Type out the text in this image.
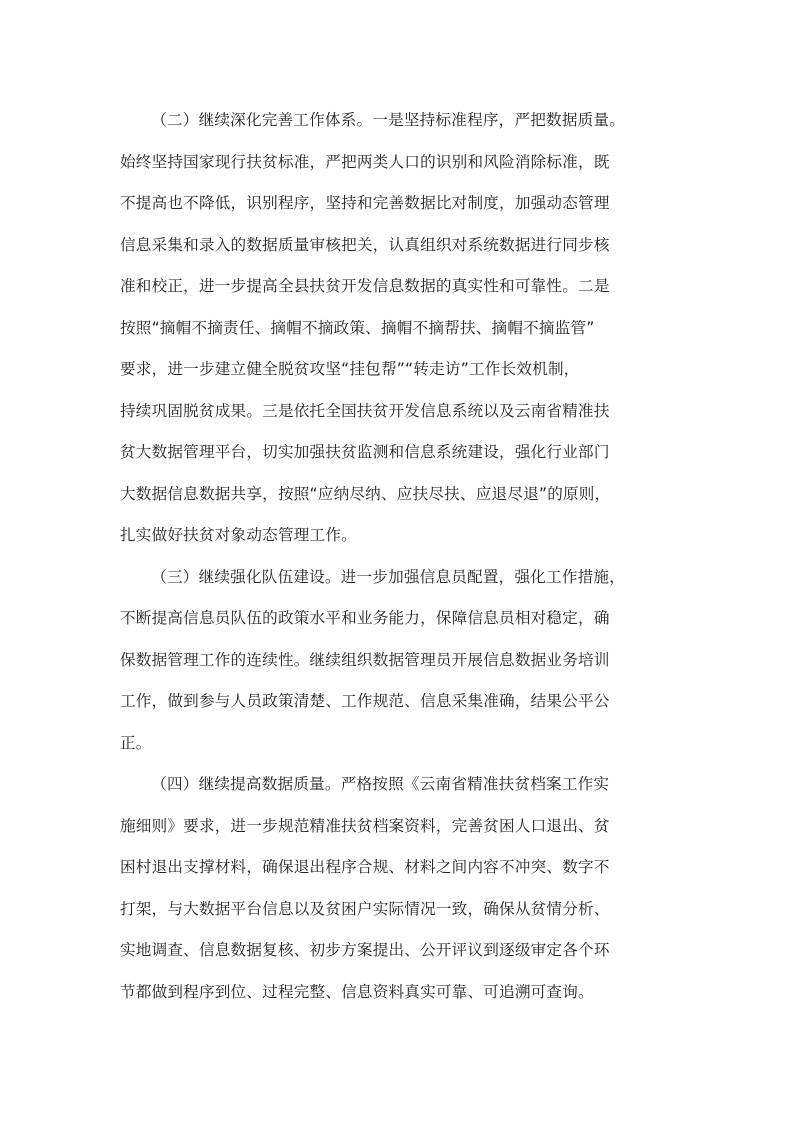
（二）继续深化完善工作体系。一是坚持标准程序，严把数据质量。
始终坚持国家现行扶贫标准，严把两类人口的识别和风险消除标准，既
不提高也不降低，识别程序，坚持和完善数据比对制度，加强动态管理
信息采集和录入的数据质量审核把关，认真组织对系统数据进行同步核
准和校正，进一步提高全县扶贫开发信息数据的真实性和可靠性。二是
按照“摘帽不摘责任、摘帽不摘政策、摘帽不摘帮扶、摘帽不摘监管”
要求，进一步建立健全脱贫攻坚“挂包帮”“转走访”工作长效机制，
持续巩固脱贫成果。三是依托全国扶贫开发信息系统以及云南省精准扶
贫大数据管理平台，切实加强扶贫监测和信息系统建设，强化行业部门
大数据信息数据共享，按照“应纳尽纳、应扶尽扶、应退尽退”的原则，
扎实做好扶贫对象动态管理工作。
（三）继续强化队伍建设。进一步加强信息员配置，强化工作措施，
不断提高信息员队伍的政策水平和业务能力，保障信息员相对稳定，确
保数据管理工作的连续性。继续组织数据管理员开展信息数据业务培训
工作，做到参与人员政策清楚、工作规范、信息采集准确，结果公平公
正。
（四）继续提高数据质量。严格按照《云南省精准扶贫档案工作实
施细则》要求，进一步规范精准扶贫档案资料，完善贫困人口退出、贫
困村退出支撑材料，确保退出程序合规、材料之间内容不冲突、数字不
打架，与大数据平台信息以及贫困户实际情况一致，确保从贫情分析、
实地调查、信息数据复核、初步方案提出、公开评议到逐级审定各个环
节都做到程序到位、过程完整、信息资料真实可靠、可追溯可查询。
